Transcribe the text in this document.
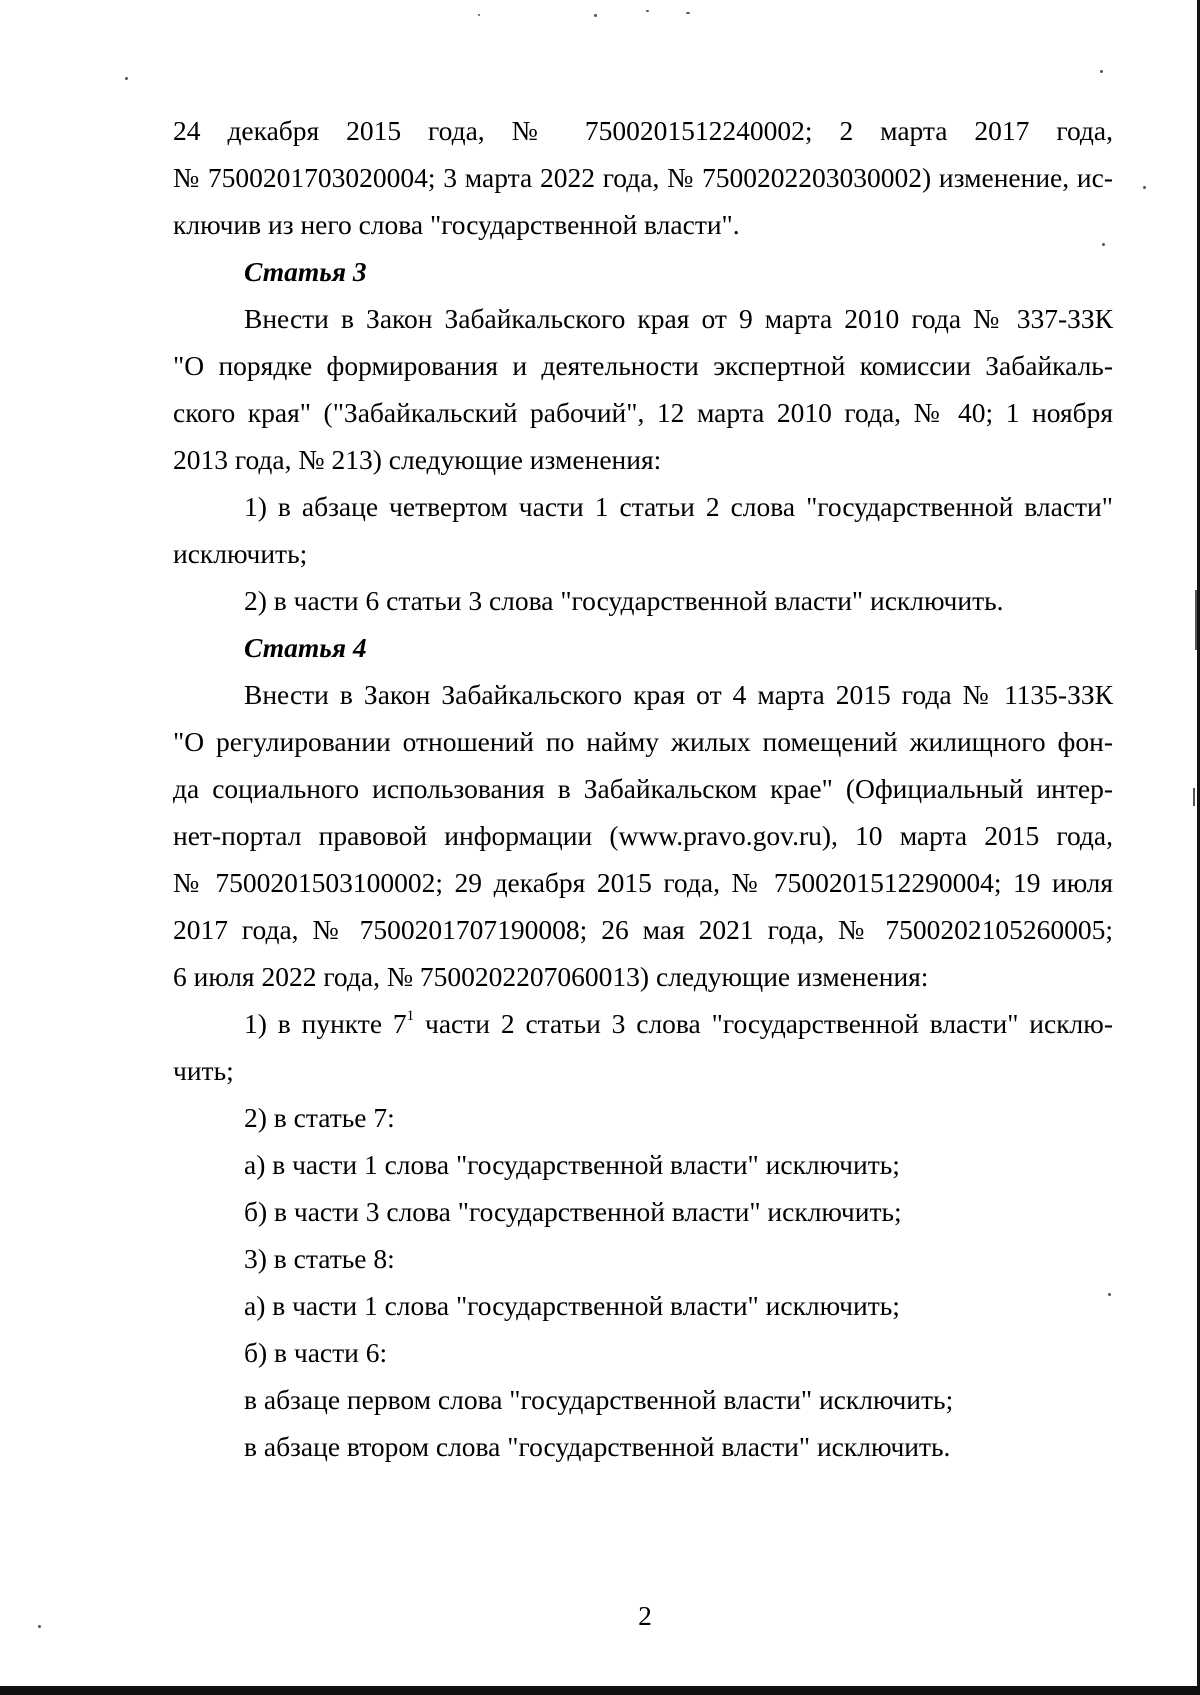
24 декабря 2015 года, № 7500201512240002; 2 марта 2017 года,
№ 7500201703020004; 3 марта 2022 года, № 7500202203030002) изменение, ис-
ключив из него слова "государственной власти".
Статья 3
Внести в Закон Забайкальского края от 9 марта 2010 года № 337-ЗЗК
"О порядке формирования и деятельности экспертной комиссии Забайкаль-
ского края" ("Забайкальский рабочий", 12 марта 2010 года, № 40; 1 ноября
2013 года, № 213) следующие изменения:
1) в абзаце четвертом части 1 статьи 2 слова "государственной власти"
исключить;
2) в части 6 статьи 3 слова "государственной власти" исключить.
Статья 4
Внести в Закон Забайкальского края от 4 марта 2015 года № 1135-ЗЗК
"О регулировании отношений по найму жилых помещений жилищного фон-
да социального использования в Забайкальском крае" (Официальный интер-
нет-портал правовой информации (www.pravo.gov.ru), 10 марта 2015 года,
№ 7500201503100002; 29 декабря 2015 года, № 7500201512290004; 19 июля
2017 года, № 7500201707190008; 26 мая 2021 года, № 7500202105260005;
6 июля 2022 года, № 7500202207060013) следующие изменения:
1) в пункте $7^1$ части 2 статьи 3 слова "государственной власти" исклю-
чить;
2) в статье 7:
а) в части 1 слова "государственной власти" исключить;
б) в части 3 слова "государственной власти" исключить;
3) в статье 8:
а) в части 1 слова "государственной власти" исключить;
б) в части 6:
в абзаце первом слова "государственной власти" исключить;
в абзаце втором слова "государственной власти" исключить.
2
